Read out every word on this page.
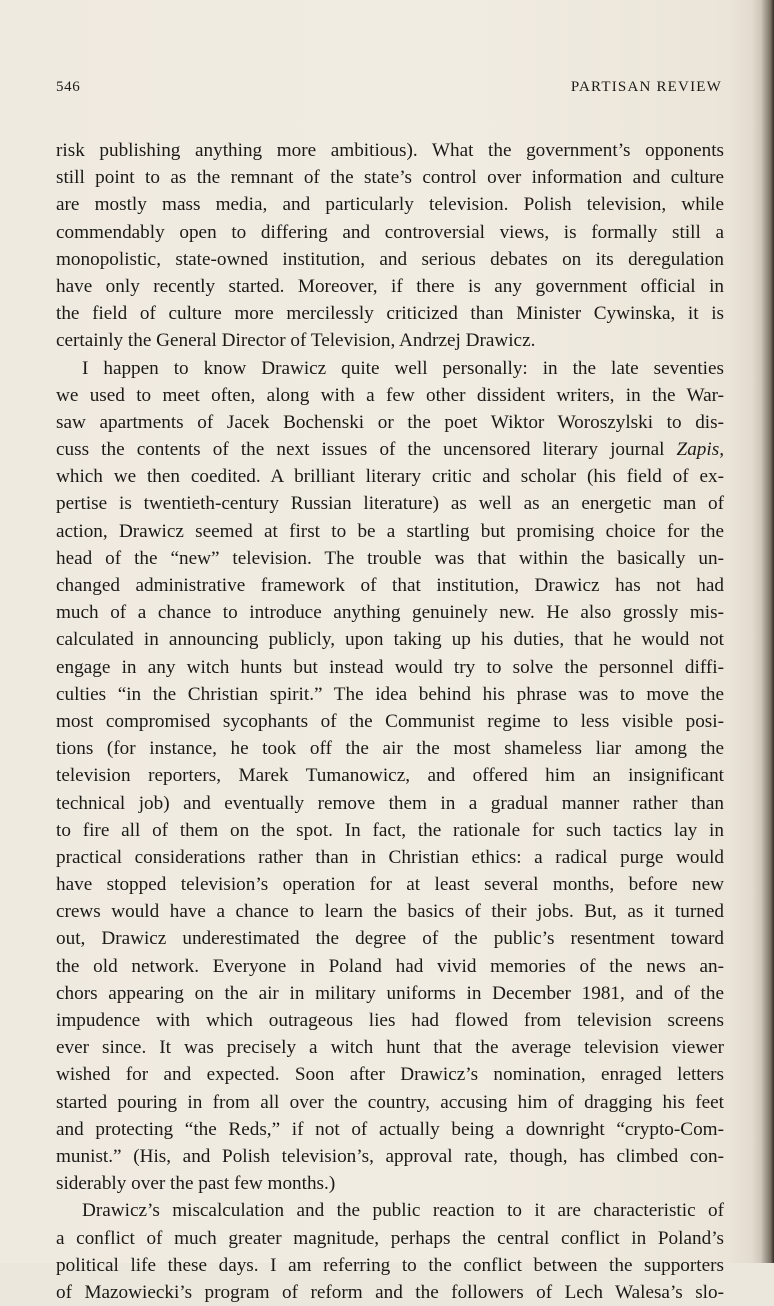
546	PARTISAN REVIEW
risk publishing anything more ambitious). What the government’s opponents
still point to as the remnant of the state’s control over information and culture
are mostly mass media, and particularly television. Polish television, while
commendably open to differing and controversial views, is formally still a
monopolistic, state-owned institution, and serious debates on its deregulation
have only recently started. Moreover, if there is any government official in
the field of culture more mercilessly criticized than Minister Cywinska, it is
certainly the General Director of Television, Andrzej Drawicz.
I happen to know Drawicz quite well personally: in the late seventies
we used to meet often, along with a few other dissident writers, in the War-
saw apartments of Jacek Bochenski or the poet Wiktor Woroszylski to dis-
cuss the contents of the next issues of the uncensored literary journal Zapis,
which we then coedited. A brilliant literary critic and scholar (his field of ex-
pertise is twentieth-century Russian literature) as well as an energetic man of
action, Drawicz seemed at first to be a startling but promising choice for the
head of the “new” television. The trouble was that within the basically un-
changed administrative framework of that institution, Drawicz has not had
much of a chance to introduce anything genuinely new. He also grossly mis-
calculated in announcing publicly, upon taking up his duties, that he would not
engage in any witch hunts but instead would try to solve the personnel diffi-
culties “in the Christian spirit.” The idea behind his phrase was to move the
most compromised sycophants of the Communist regime to less visible posi-
tions (for instance, he took off the air the most shameless liar among the
television reporters, Marek Tumanowicz, and offered him an insignificant
technical job) and eventually remove them in a gradual manner rather than
to fire all of them on the spot. In fact, the rationale for such tactics lay in
practical considerations rather than in Christian ethics: a radical purge would
have stopped television’s operation for at least several months, before new
crews would have a chance to learn the basics of their jobs. But, as it turned
out, Drawicz underestimated the degree of the public’s resentment toward
the old network. Everyone in Poland had vivid memories of the news an-
chors appearing on the air in military uniforms in December 1981, and of the
impudence with which outrageous lies had flowed from television screens
ever since. It was precisely a witch hunt that the average television viewer
wished for and expected. Soon after Drawicz’s nomination, enraged letters
started pouring in from all over the country, accusing him of dragging his feet
and protecting “the Reds,” if not of actually being a downright “crypto-Com-
munist.” (His, and Polish television’s, approval rate, though, has climbed con-
siderably over the past few months.)
Drawicz’s miscalculation and the public reaction to it are characteristic of
a conflict of much greater magnitude, perhaps the central conflict in Poland’s
political life these days. I am referring to the conflict between the supporters
of Mazowiecki’s program of reform and the followers of Lech Walesa’s slo-
